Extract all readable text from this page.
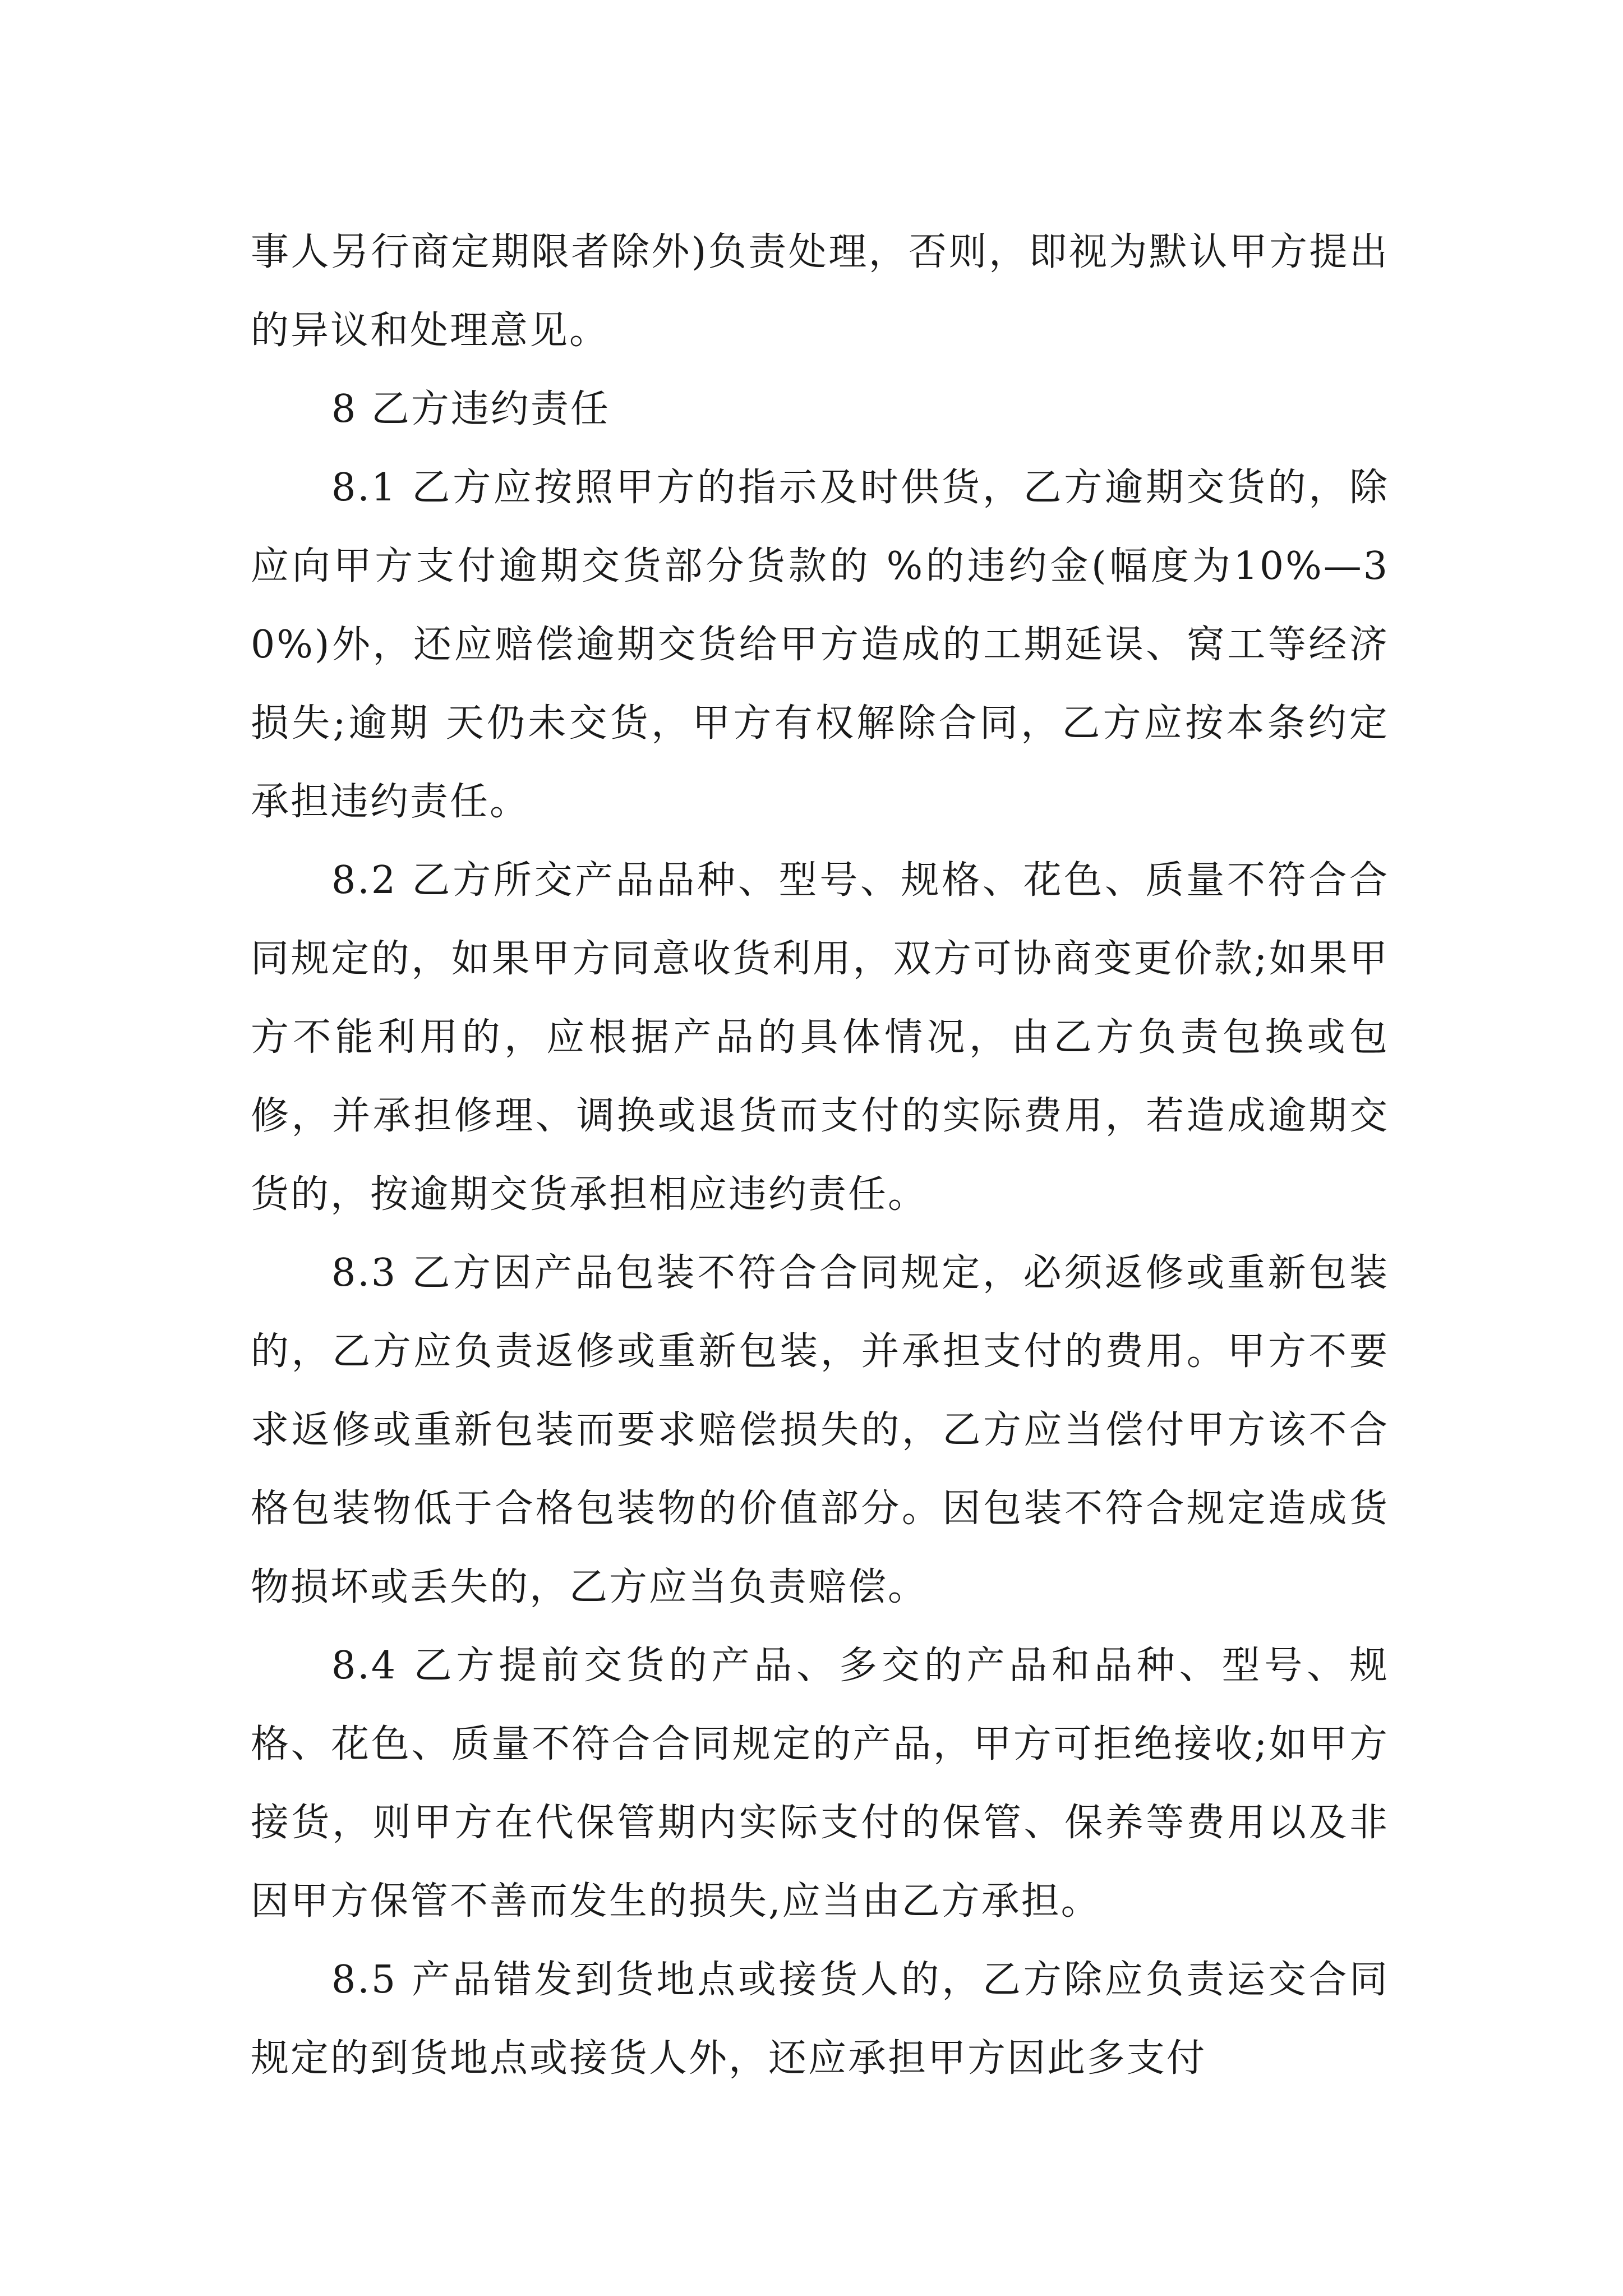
事人另行商定期限者除外)负责处理，否则，即视为默认甲方提出的异议和处理意见。

8 乙方违约责任

8.1 乙方应按照甲方的指示及时供货，乙方逾期交货的，除应向甲方支付逾期交货部分货款的 %的违约金(幅度为10%—30%)外，还应赔偿逾期交货给甲方造成的工期延误、窝工等经济损失;逾期 天仍未交货，甲方有权解除合同，乙方应按本条约定承担违约责任。

8.2 乙方所交产品品种、型号、规格、花色、质量不符合合同规定的，如果甲方同意收货利用，双方可协商变更价款;如果甲方不能利用的，应根据产品的具体情况，由乙方负责包换或包修，并承担修理、调换或退货而支付的实际费用，若造成逾期交货的，按逾期交货承担相应违约责任。

8.3 乙方因产品包装不符合合同规定，必须返修或重新包装的，乙方应负责返修或重新包装，并承担支付的费用。甲方不要求返修或重新包装而要求赔偿损失的，乙方应当偿付甲方该不合格包装物低于合格包装物的价值部分。因包装不符合规定造成货物损坏或丢失的，乙方应当负责赔偿。

8.4 乙方提前交货的产品、多交的产品和品种、型号、规格、花色、质量不符合合同规定的产品，甲方可拒绝接收;如甲方接货，则甲方在代保管期内实际支付的保管、保养等费用以及非因甲方保管不善而发生的损失,应当由乙方承担。

8.5 产品错发到货地点或接货人的，乙方除应负责运交合同规定的到货地点或接货人外，还应承担甲方因此多支付
